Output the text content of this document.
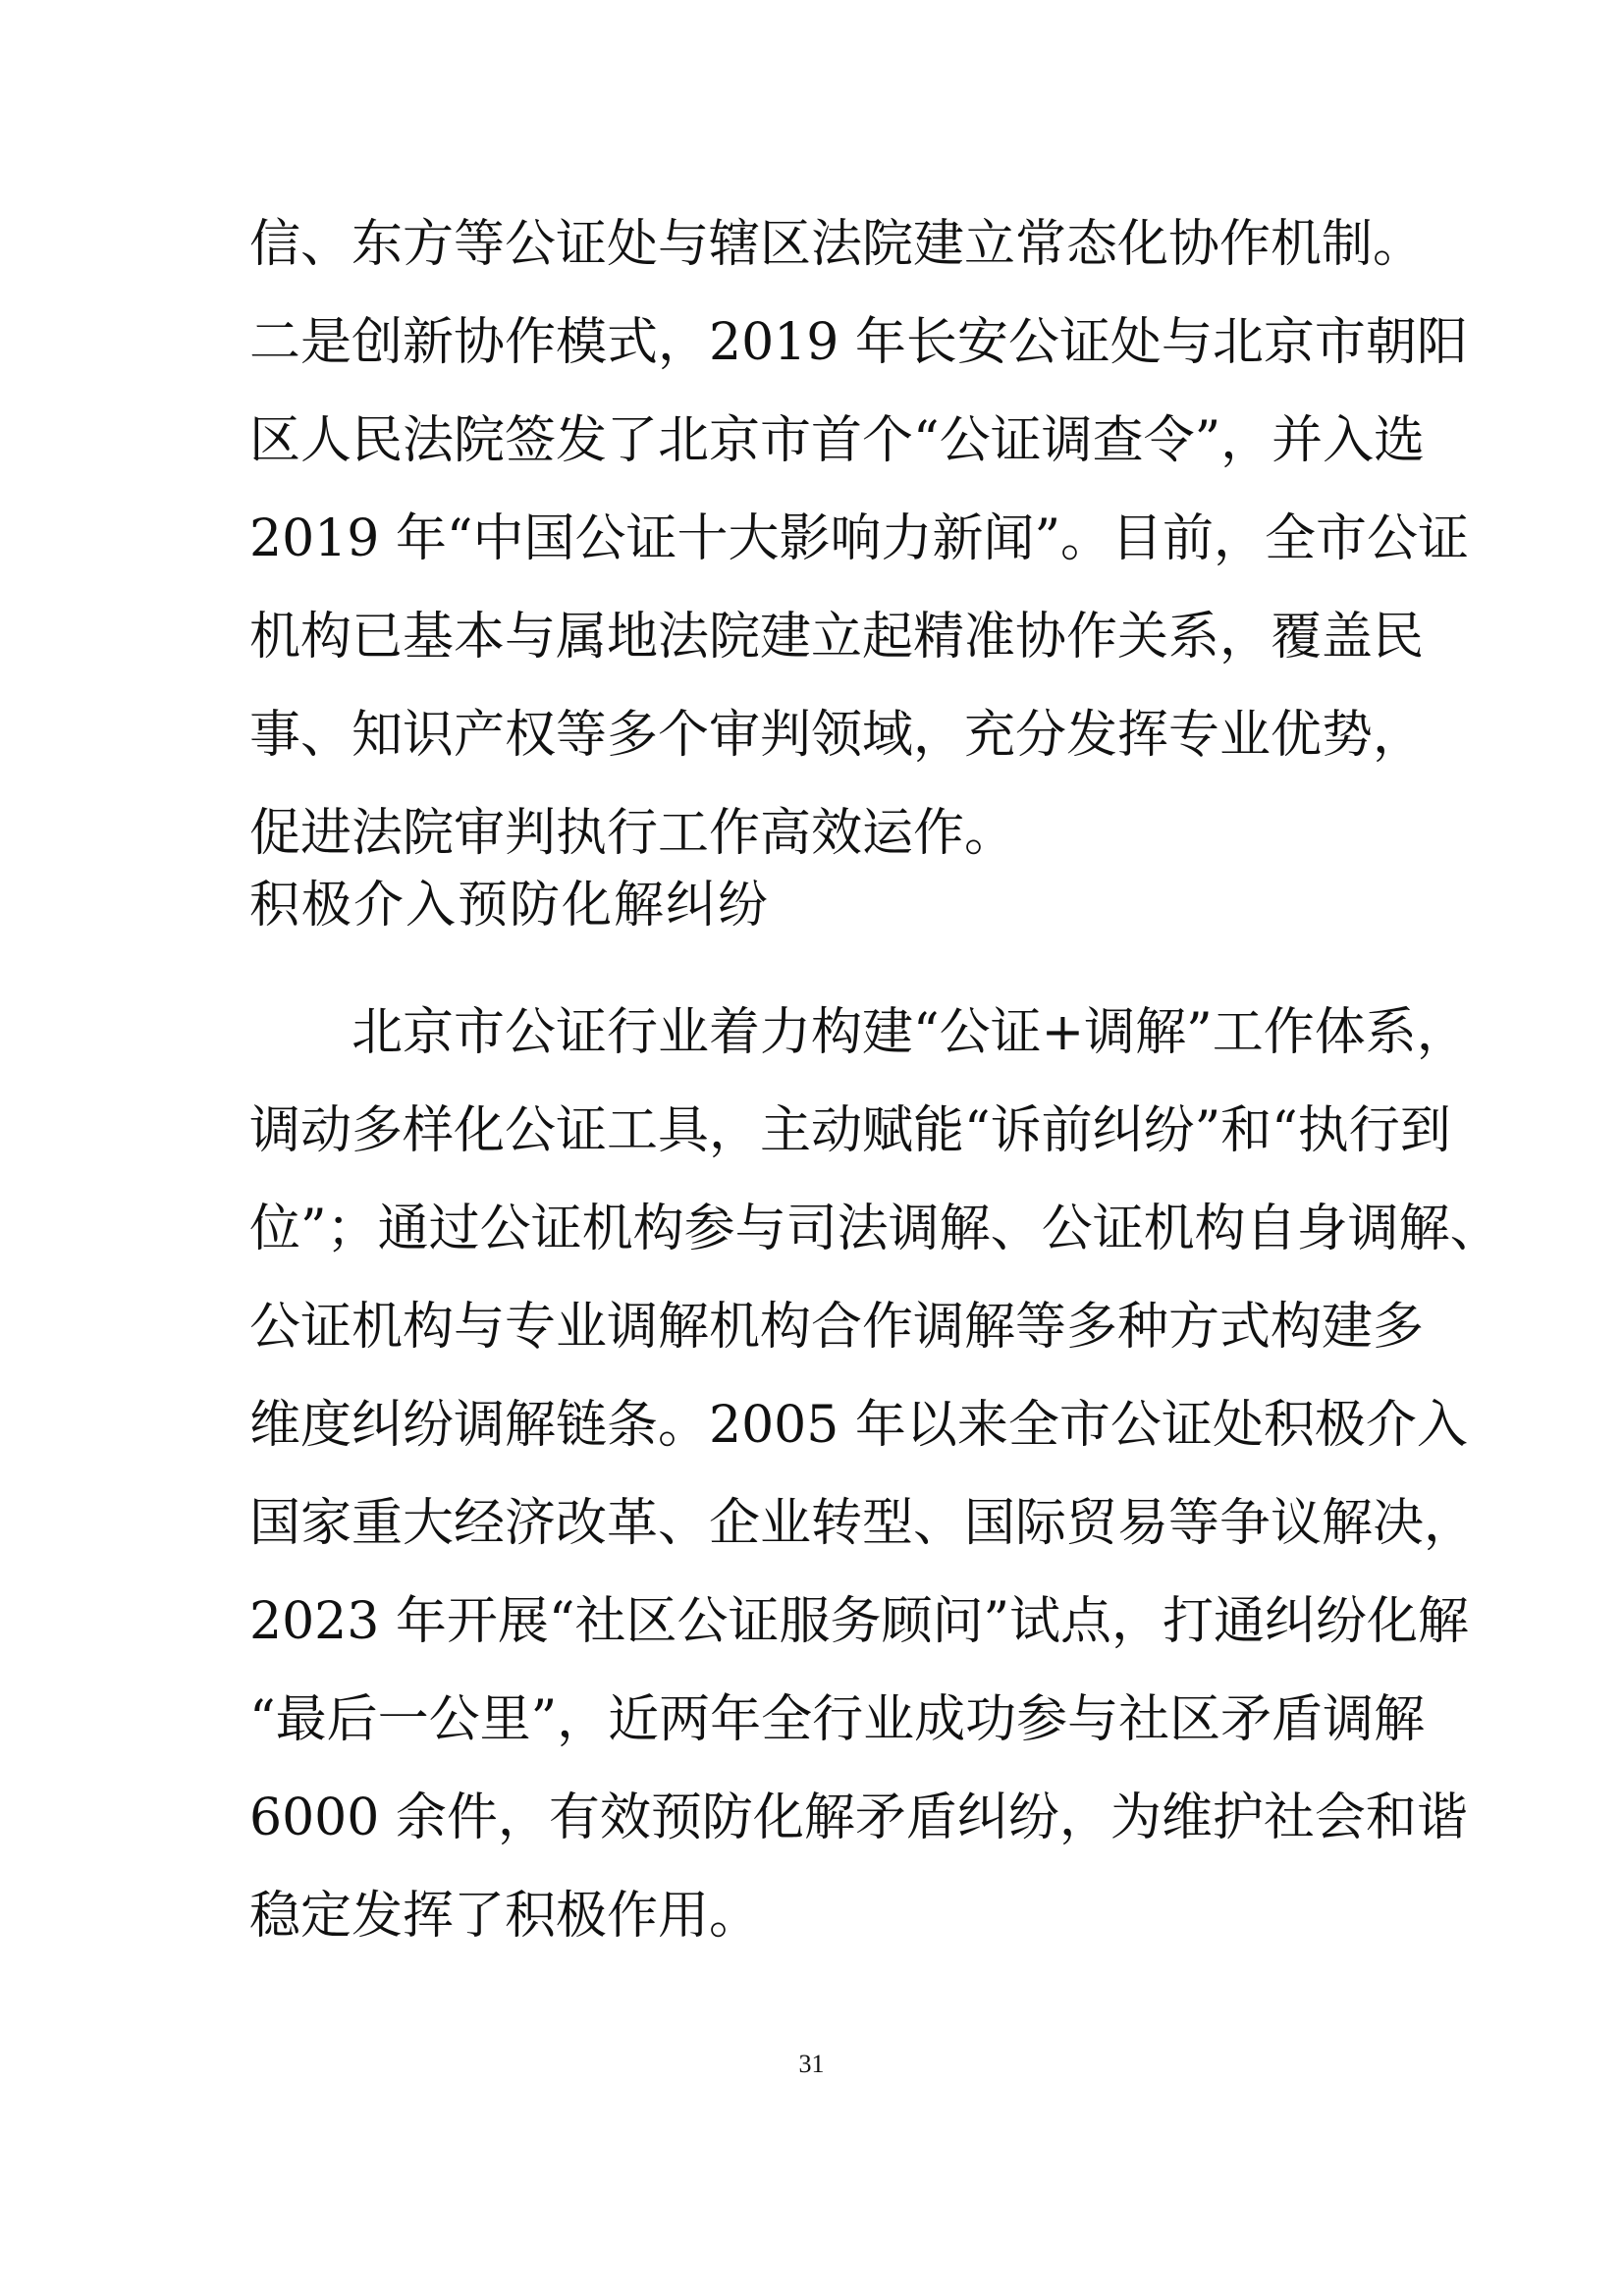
信、东方等公证处与辖区法院建立常态化协作机制。
二是创新协作模式，2019 年长安公证处与北京市朝阳
区人民法院签发了北京市首个“公证调查令”，并入选
2019 年“中国公证十大影响力新闻”。目前，全市公证
机构已基本与属地法院建立起精准协作关系，覆盖民
事、知识产权等多个审判领域，充分发挥专业优势，
促进法院审判执行工作高效运作。
积极介入预防化解纠纷
北京市公证行业着力构建“公证+调解”工作体系，
调动多样化公证工具，主动赋能“诉前纠纷”和“执行到
位”；通过公证机构参与司法调解、公证机构自身调解、
公证机构与专业调解机构合作调解等多种方式构建多
维度纠纷调解链条。2005 年以来全市公证处积极介入
国家重大经济改革、企业转型、国际贸易等争议解决，
2023 年开展“社区公证服务顾问”试点，打通纠纷化解
“最后一公里”，近两年全行业成功参与社区矛盾调解
6000 余件，有效预防化解矛盾纠纷，为维护社会和谐
稳定发挥了积极作用。
31
